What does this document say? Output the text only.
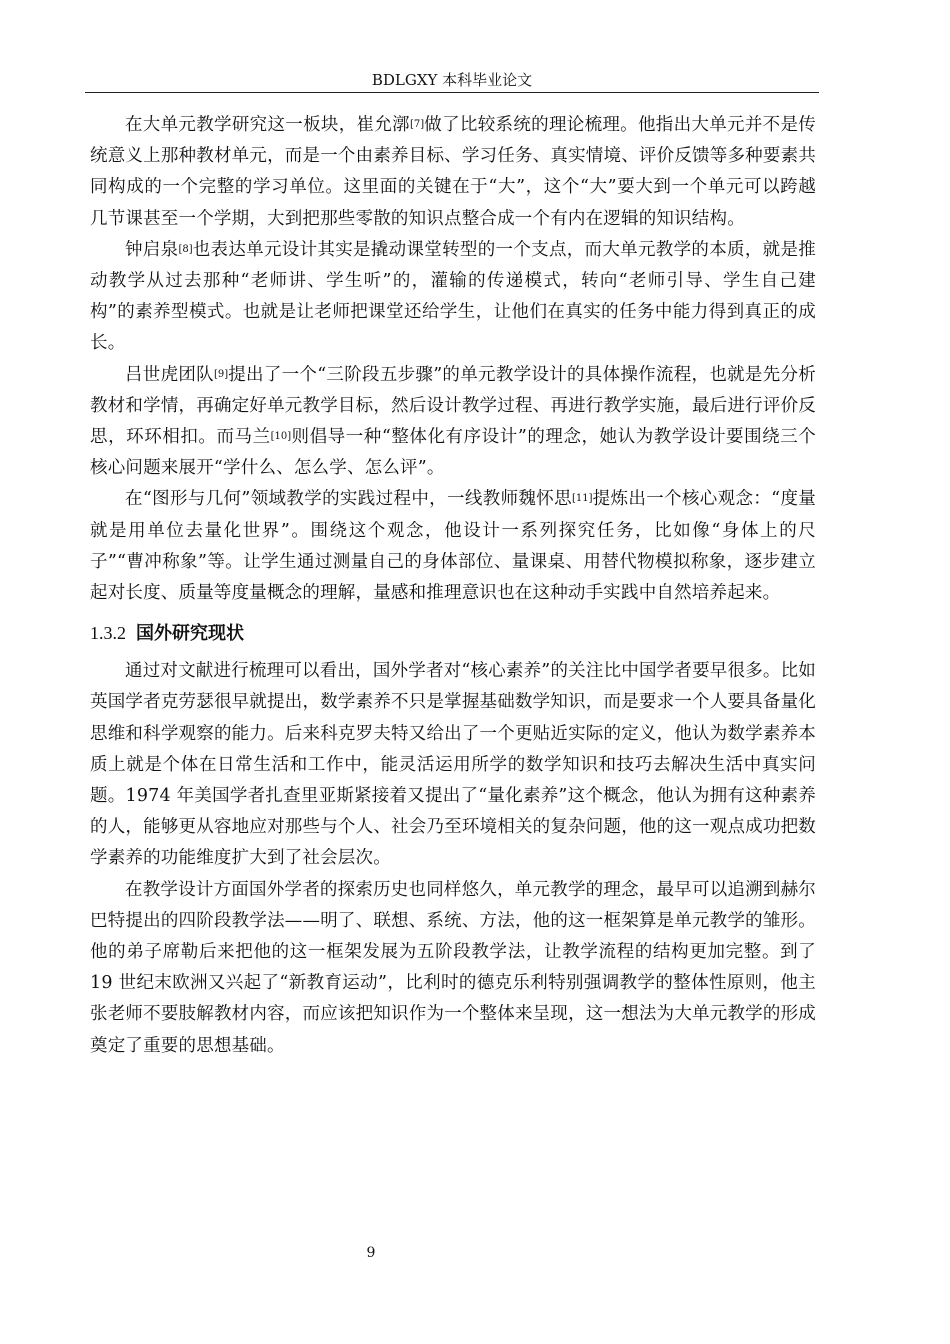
BDLGXY 本科毕业论文

在大单元教学研究这一板块，崔允漷[7]做了比较系统的理论梳理。他指出大单元并不是传统意义上那种教材单元，而是一个由素养目标、学习任务、真实情境、评价反馈等多种要素共同构成的一个完整的学习单位。这里面的关键在于“大”，这个“大”要大到一个单元可以跨越几节课甚至一个学期，大到把那些零散的知识点整合成一个有内在逻辑的知识结构。

钟启泉[8]也表达单元设计其实是撬动课堂转型的一个支点，而大单元教学的本质，就是推动教学从过去那种“老师讲、学生听”的，灌输的传递模式，转向“老师引导、学生自己建构”的素养型模式。也就是让老师把课堂还给学生，让他们在真实的任务中能力得到真正的成长。

吕世虎团队[9]提出了一个“三阶段五步骤”的单元教学设计的具体操作流程，也就是先分析教材和学情，再确定好单元教学目标，然后设计教学过程、再进行教学实施，最后进行评价反思，环环相扣。而马兰[10]则倡导一种“整体化有序设计”的理念，她认为教学设计要围绕三个核心问题来展开“学什么、怎么学、怎么评”。

在“图形与几何”领域教学的实践过程中，一线教师魏怀思[11]提炼出一个核心观念：“度量就是用单位去量化世界”。围绕这个观念，他设计一系列探究任务，比如像“身体上的尺子”“曹冲称象”等。让学生通过测量自己的身体部位、量课桌、用替代物模拟称象，逐步建立起对长度、质量等度量概念的理解，量感和推理意识也在这种动手实践中自然培养起来。

1.3.2 国外研究现状

通过对文献进行梳理可以看出，国外学者对“核心素养”的关注比中国学者要早很多。比如英国学者克劳瑟很早就提出，数学素养不只是掌握基础数学知识，而是要求一个人要具备量化思维和科学观察的能力。后来科克罗夫特又给出了一个更贴近实际的定义，他认为数学素养本质上就是个体在日常生活和工作中，能灵活运用所学的数学知识和技巧去解决生活中真实问题。1974 年美国学者扎查里亚斯紧接着又提出了“量化素养”这个概念，他认为拥有这种素养的人，能够更从容地应对那些与个人、社会乃至环境相关的复杂问题，他的这一观点成功把数学素养的功能维度扩大到了社会层次。

在教学设计方面国外学者的探索历史也同样悠久，单元教学的理念，最早可以追溯到赫尔巴特提出的四阶段教学法——明了、联想、系统、方法，他的这一框架算是单元教学的雏形。他的弟子席勒后来把他的这一框架发展为五阶段教学法，让教学流程的结构更加完整。到了 19 世纪末欧洲又兴起了“新教育运动”，比利时的德克乐利特别强调教学的整体性原则，他主张老师不要肢解教材内容，而应该把知识作为一个整体来呈现，这一想法为大单元教学的形成奠定了重要的思想基础。

9
